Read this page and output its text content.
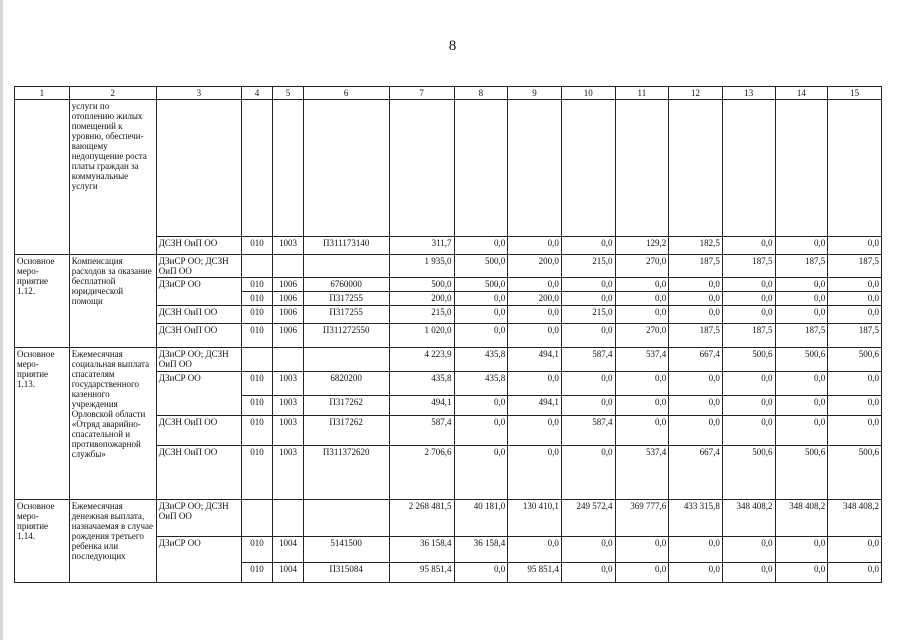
8
1	2	3	4	5	6	7	8	9	10	11	12	13	14	15
	услуги по отоплению жилых помещений к уровню, обеспечи-вающему недопущение роста платы граждан за коммунальные услуги													
		ДСЗН ОиП ОО	010	1003	П311173140	311,7	0,0	0,0	0,0	129,2	182,5	0,0	0,0	0,0
Основное меро-приятие 1.12.	Компенсация расходов за оказание бесплатной юридической помощи	ДЗиСР ОО; ДСЗН ОиП ОО				1 935,0	500,0	200,0	215,0	270,0	187,5	187,5	187,5	187,5
		ДЗиСР ОО	010	1006	6760000	500,0	500,0	0,0	0,0	0,0	0,0	0,0	0,0	0,0
			010	1006	П317255	200,0	0,0	200,0	0,0	0,0	0,0	0,0	0,0	0,0
		ДСЗН ОиП ОО	010	1006	П317255	215,0	0,0	0,0	215,0	0,0	0,0	0,0	0,0	0,0
		ДСЗН ОиП ОО	010	1006	П311272550	1 020,0	0,0	0,0	0,0	270,0	187,5	187,5	187,5	187,5
Основное меро-приятие 1.13.	Ежемесячная социальная выплата спасателям государственного казенного учреждения Орловской области «Отряд аварийно-спасательной и противопожарной службы»	ДЗиСР ОО; ДСЗН ОиП ОО				4 223,9	435,8	494,1	587,4	537,4	667,4	500,6	500,6	500,6
		ДЗиСР ОО	010	1003	6820200	435,8	435,8	0,0	0,0	0,0	0,0	0,0	0,0	0,0
			010	1003	П317262	494,1	0,0	494,1	0,0	0,0	0,0	0,0	0,0	0,0
		ДСЗН ОиП ОО	010	1003	П317262	587,4	0,0	0,0	587,4	0,0	0,0	0,0	0,0	0,0
		ДСЗН ОиП ОО	010	1003	П311372620	2 706,6	0,0	0,0	0,0	537,4	667,4	500,6	500,6	500,6
Основное меро-приятие 1.14.	Ежемесячная денежная выплата, назначаемая в случае рождения третьего ребенка или последующих	ДЗиСР ОО; ДСЗН ОиП ОО				2 268 481,5	40 181,0	130 410,1	249 572,4	369 777,6	433 315,8	348 408,2	348 408,2	348 408,2
		ДЗиСР ОО	010	1004	5141500	36 158,4	36 158,4	0,0	0,0	0,0	0,0	0,0	0,0	0,0
			010	1004	П315084	95 851,4	0,0	95 851,4	0,0	0,0	0,0	0,0	0,0	0,0
